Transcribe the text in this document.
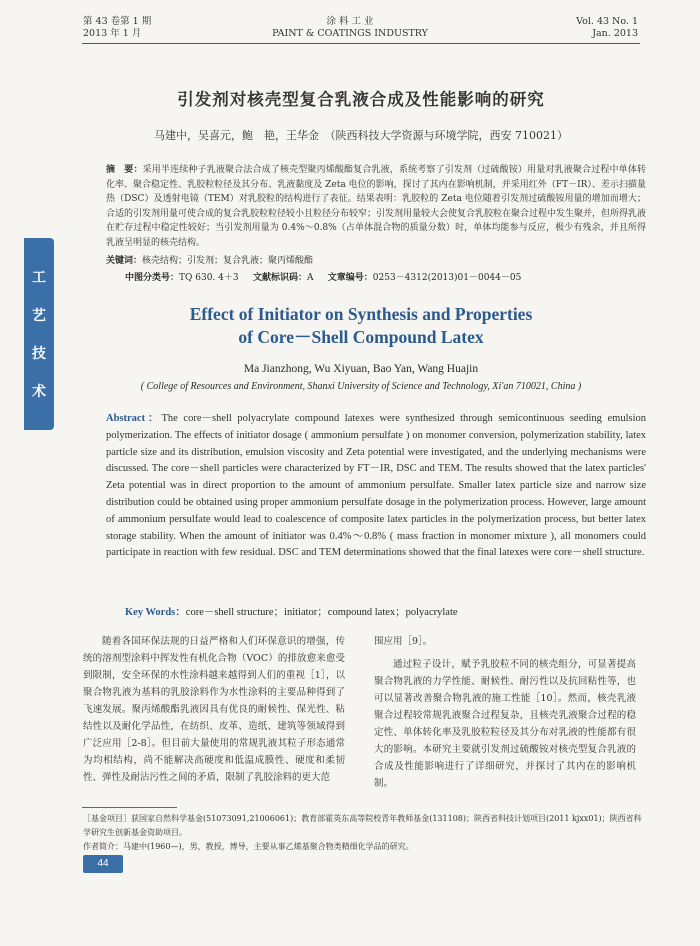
第 43 卷第 1 期
2013 年 1 月
涂 料 工 业
PAINT & COATINGS INDUSTRY
Vol. 43 No. 1
Jan. 2013
工
艺
技
术
引发剂对核壳型复合乳液合成及性能影响的研究
马建中，吴喜元，鲍　艳，王华金　（陕西科技大学资源与环境学院，西安 710021）
摘　要：采用半连续种子乳液聚合法合成了核壳型聚丙烯酸酯复合乳液，系统考察了引发剂（过硫酸铵）用量对乳液聚合过程中单体转化率、聚合稳定性、乳胶粒粒径及其分布、乳液黏度及 Zeta 电位的影响，探讨了其内在影响机制，并采用红外（FT－IR）、差示扫描量热（DSC）及透射电镜（TEM）对乳胶粒的结构进行了表征。结果表明：乳胶粒的 Zeta 电位随着引发剂过硫酸铵用量的增加而增大；合适的引发剂用量可使合成的复合乳胶粒粒径较小且粒径分布较窄；引发剂用量较大会使复合乳胶粒在聚合过程中发生聚并，但所得乳液在贮存过程中稳定性较好；当引发剂用量为 0.4%～0.8%（占单体混合物的质量分数）时，单体均能参与反应，极少有残余，并且所得乳液呈明显的核壳结构。
关键词：核壳结构；引发剂；复合乳液；聚丙烯酸酯
中图分类号：TQ 630. 4＋3 文献标识码：A 文章编号：0253－4312(2013)01－0044－05
Effect of Initiator on Synthesis and Properties
of Core－Shell Compound Latex
Ma Jianzhong, Wu Xiyuan, Bao Yan, Wang Huajin
( College of Resources and Environment, Shanxi University of Science and Technology, Xi'an 710021, China )
Abstract：The core－shell polyacrylate compound latexes were synthesized through semicontinuous seeding emulsion polymerization. The effects of initiator dosage ( ammonium persulfate ) on monomer conversion, polymerization stability, latex particle size and its distribution, emulsion viscosity and Zeta potential were investigated, and the underlying mechanisms were discussed. The core－shell particles were characterized by FT－IR, DSC and TEM. The results showed that the latex particles' Zeta potential was in direct proportion to the amount of ammonium persulfate. Smaller latex particle size and narrow size distribution could be obtained using proper ammonium persulfate dosage in the polymerization process. However, large amount of ammonium persulfate would lead to coalescence of composite latex particles in the polymerization process, but better latex storage stability. When the amount of initiator was 0.4%～0.8% ( mass fraction in monomer mixture ), all monomers could participate in reaction with few residual. DSC and TEM determinations showed that the final latexes were core－shell structure.
Key Words：core－shell structure；initiator；compound latex；polyacrylate

随着各国环保法规的日益严格和人们环保意识的增强，传统的溶剂型涂料中挥发性有机化合物（VOC）的排放愈来愈受到限制，安全环保的水性涂料越来越得到人们的重视［1］，以聚合物乳液为基料的乳胶涂料作为水性涂料的主要品种得到了飞速发展。聚丙烯酸酯乳液因具有优良的耐候性、保光性、粘结性以及耐化学品性，在纺织、皮革、造纸、建筑等领域得到广泛应用［2-8］。但目前大量使用的常规乳液其粒子形态通常为均相结构，尚不能解决高硬度和低温成膜性、硬度和柔韧性、弹性及耐沾污性之间的矛盾，限制了乳胶涂料的更大范

围应用［9］。

通过粒子设计，赋予乳胶粒不同的核壳组分，可显著提高聚合物乳液的力学性能、耐候性、耐污性以及抗回粘性等，也可以显著改善聚合物乳液的施工性能［10］。然而，核壳乳液聚合过程较常规乳液聚合过程复杂，且核壳乳液聚合过程的稳定性、单体转化率及乳胶粒粒径及其分布对乳液的性能都有很大的影响。本研究主要就引发剂过硫酸铵对核壳型复合乳液的合成及性能影响进行了详细研究，并探讨了其内在的影响机制。

［基金项目］获国家自然科学基金(51073091,21006061)；教育部霍英东高等院校青年教师基金(131108)；陕西省科技计划项目(2011 kjxx01)；陕西省科学研究生创新基金资助项目。

作者简介：马建中(1960—)，男，教授，博导，主要从事乙烯基聚合物类精细化学品的研究。

44
